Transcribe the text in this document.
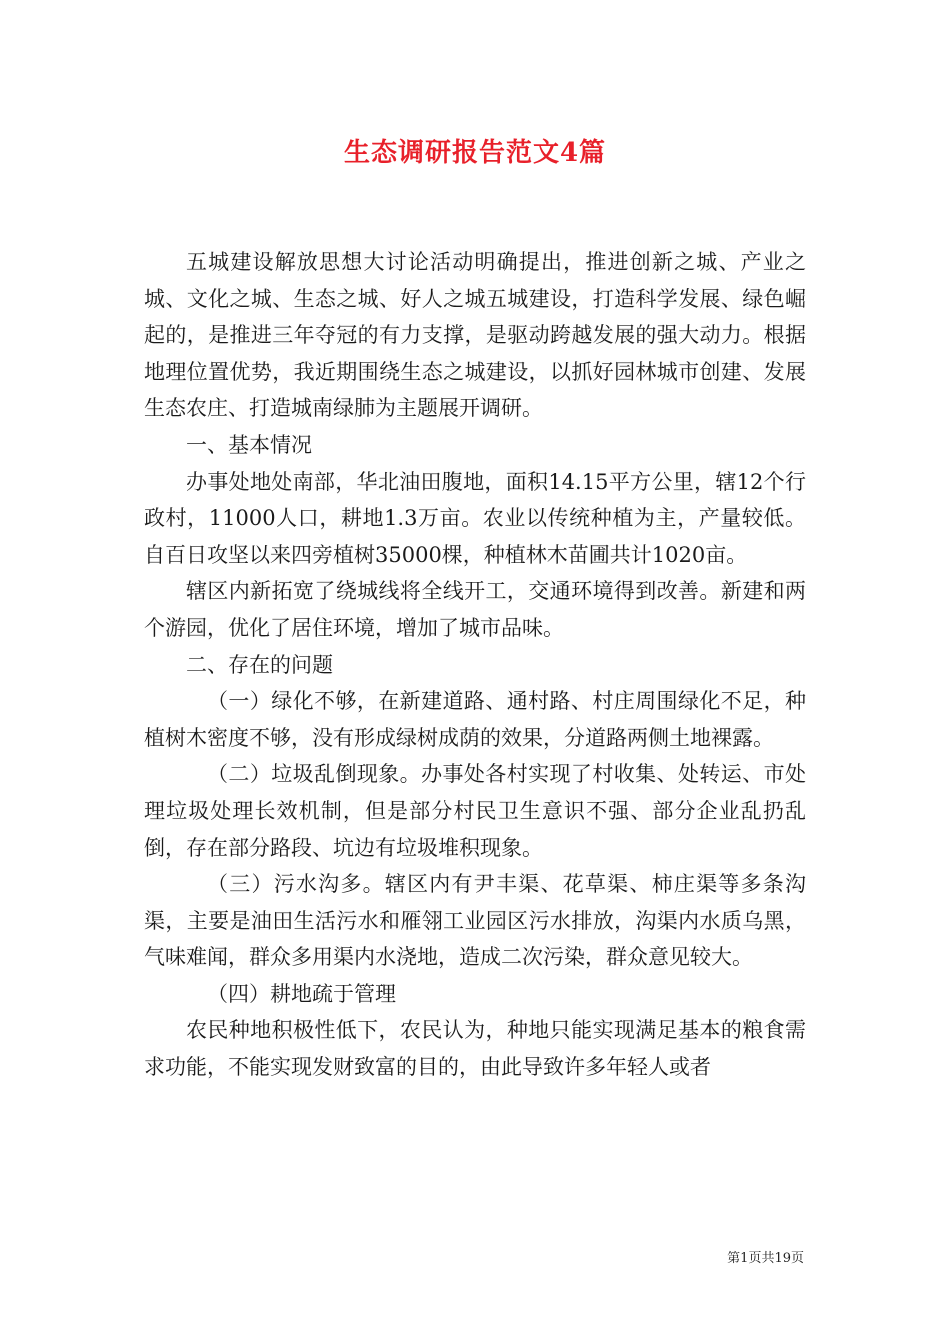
生态调研报告范文4篇

五城建设解放思想大讨论活动明确提出，推进创新之城、产业之城、文化之城、生态之城、好人之城五城建设，打造科学发展、绿色崛起的，是推进三年夺冠的有力支撑，是驱动跨越发展的强大动力。根据地理位置优势，我近期围绕生态之城建设，以抓好园林城市创建、发展生态农庄、打造城南绿肺为主题展开调研。

一、基本情况

办事处地处南部，华北油田腹地，面积14.15平方公里，辖12个行政村，11000人口，耕地1.3万亩。农业以传统种植为主，产量较低。自百日攻坚以来四旁植树35000棵，种植林木苗圃共计1020亩。

辖区内新拓宽了绕城线将全线开工，交通环境得到改善。新建和两个游园，优化了居住环境，增加了城市品味。

二、存在的问题

（一）绿化不够，在新建道路、通村路、村庄周围绿化不足，种植树木密度不够，没有形成绿树成荫的效果，分道路两侧土地裸露。

（二）垃圾乱倒现象。办事处各村实现了村收集、处转运、市处理垃圾处理长效机制，但是部分村民卫生意识不强、部分企业乱扔乱倒，存在部分路段、坑边有垃圾堆积现象。

（三）污水沟多。辖区内有尹丰渠、花草渠、柿庄渠等多条沟渠，主要是油田生活污水和雁翎工业园区污水排放，沟渠内水质乌黑，气味难闻，群众多用渠内水浇地，造成二次污染，群众意见较大。

（四）耕地疏于管理

农民种地积极性低下，农民认为，种地只能实现满足基本的粮食需求功能，不能实现发财致富的目的，由此导致许多年轻人或者

第1页共19页
